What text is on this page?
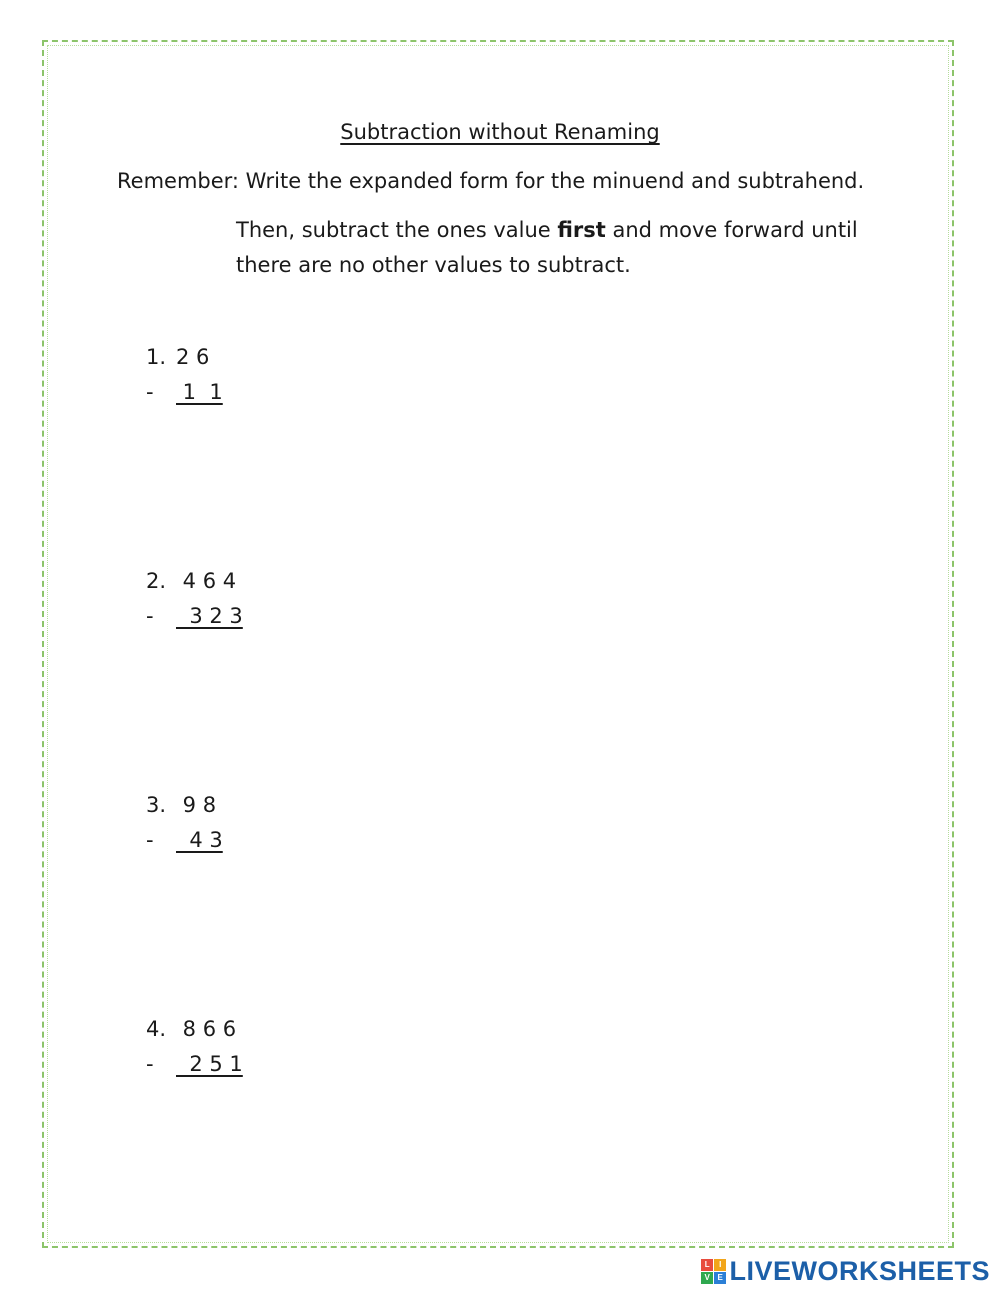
Subtraction without Renaming
Remember: Write the expanded form for the minuend and subtrahend.
Then, subtract the ones value first and move forward until there are no other values to subtract.
1. 2 6
-	1  1
2. 4 6 4
-	3 2 3
3. 9 8
-	4 3
4. 8 6 6
-	2 5 1
L	I
V E LIVEWORKSHEETS
